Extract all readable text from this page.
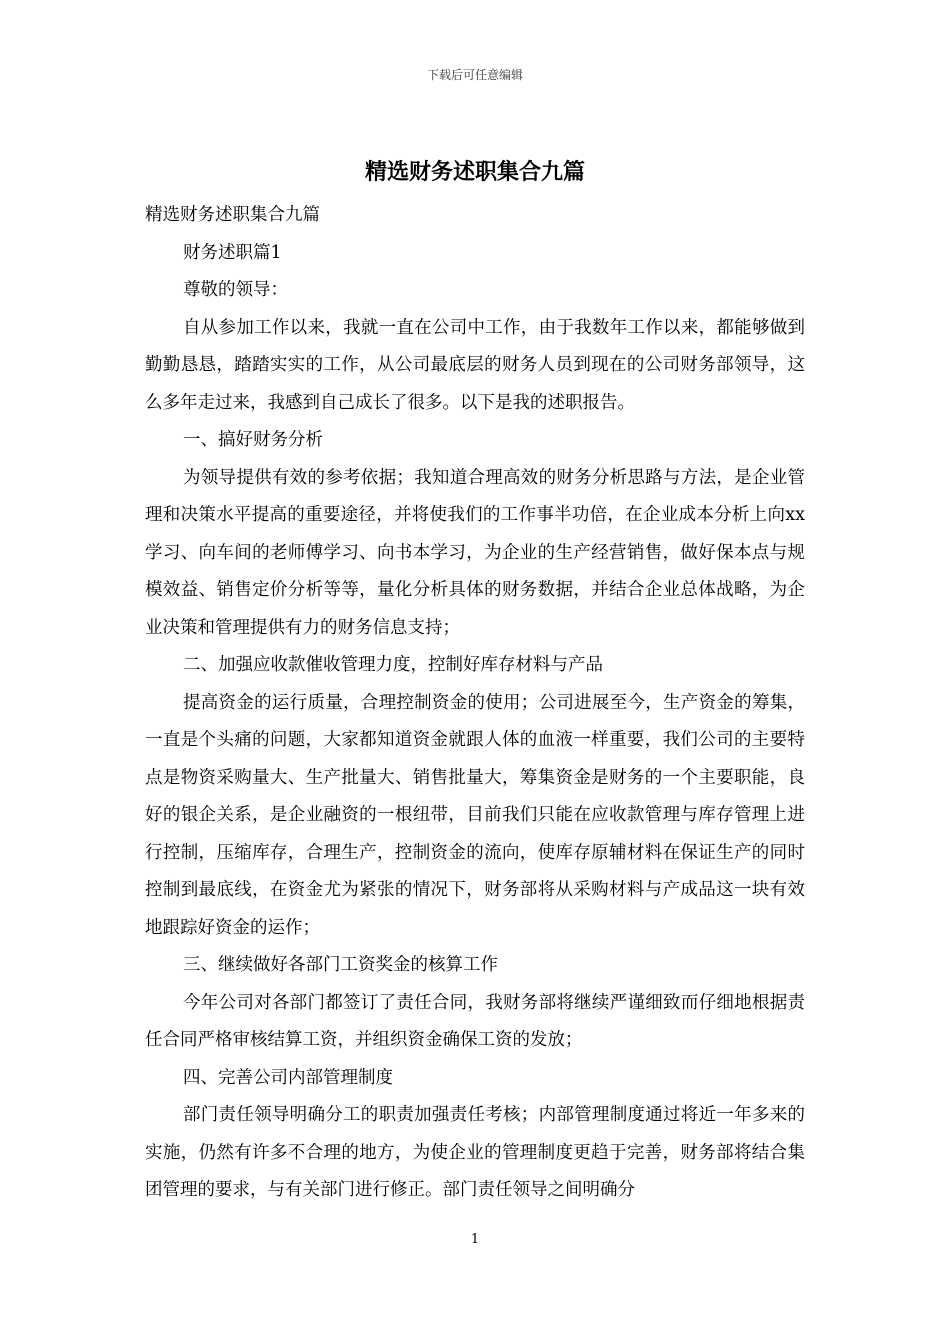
下载后可任意编辑
精选财务述职集合九篇

精选财务述职集合九篇

财务述职篇1

尊敬的领导：

自从参加工作以来，我就一直在公司中工作，由于我数年工作以来，都能够做到勤勤恳恳，踏踏实实的工作，从公司最底层的财务人员到现在的公司财务部领导，这么多年走过来，我感到自己成长了很多。以下是我的述职报告。

一、搞好财务分析

为领导提供有效的参考依据；我知道合理高效的财务分析思路与方法，是企业管理和决策水平提高的重要途径，并将使我们的工作事半功倍，在企业成本分析上向xx学习、向车间的老师傅学习、向书本学习，为企业的生产经营销售，做好保本点与规模效益、销售定价分析等等，量化分析具体的财务数据，并结合企业总体战略，为企业决策和管理提供有力的财务信息支持；

二、加强应收款催收管理力度，控制好库存材料与产品

提高资金的运行质量，合理控制资金的使用；公司进展至今，生产资金的筹集，一直是个头痛的问题，大家都知道资金就跟人体的血液一样重要，我们公司的主要特点是物资采购量大、生产批量大、销售批量大，筹集资金是财务的一个主要职能，良好的银企关系，是企业融资的一根纽带，目前我们只能在应收款管理与库存管理上进行控制，压缩库存，合理生产，控制资金的流向，使库存原辅材料在保证生产的同时控制到最底线，在资金尤为紧张的情况下，财务部将从采购材料与产成品这一块有效地跟踪好资金的运作；

三、继续做好各部门工资奖金的核算工作

今年公司对各部门都签订了责任合同，我财务部将继续严谨细致而仔细地根据责任合同严格审核结算工资，并组织资金确保工资的发放；

四、完善公司内部管理制度

部门责任领导明确分工的职责加强责任考核；内部管理制度通过将近一年多来的实施，仍然有许多不合理的地方，为使企业的管理制度更趋于完善，财务部将结合集团管理的要求，与有关部门进行修正。部门责任领导之间明确分

1
